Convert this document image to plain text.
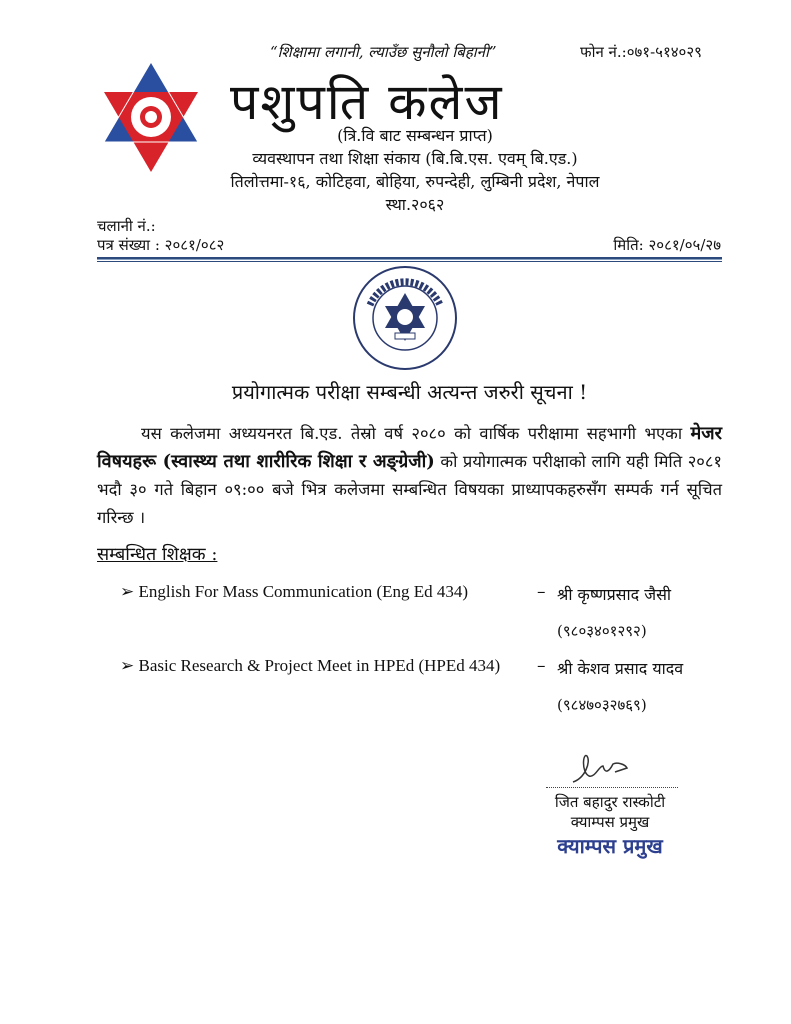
“शिक्षामा लगानी, ल्याउँछ सुनौलो बिहानी”	फोन नं.:०७१-५१४०२९
पशुपति कलेज
(त्रि.वि बाट सम्बन्धन प्राप्त)
व्यवस्थापन तथा शिक्षा संकाय (बि.बि.एस. एवम् बि.एड.)
तिलोत्तमा-१६, कोटिहवा, बोहिया, रुपन्देही, लुम्बिनी प्रदेश, नेपाल
स्था.२०६२
चलानी नं.:
पत्र संख्या : २०८१/०८२	मिति: २०८१/०५/२७
प्रयोगात्मक परीक्षा सम्बन्धी अत्यन्त जरुरी सूचना !
यस कलेजमा अध्ययनरत बि.एड. तेस्रो वर्ष २०८० को वार्षिक परीक्षामा सहभागी भएका मेजर विषयहरू (स्वास्थ्य तथा शारीरिक शिक्षा र अङ्ग्रेजी) को प्रयोगात्मक परीक्षाको लागि यही मिति २०८१ भदौ ३० गते बिहान ०९:०० बजे भित्र कलेजमा सम्बन्धित विषयका प्राध्यापकहरुसँग सम्पर्क गर्न सूचित गरिन्छ ।
सम्बन्धित शिक्षक :
➢ English For Mass Communication (Eng Ed 434)	– श्री कृष्णप्रसाद जैसी
(९८०३४०१२९२)
➢ Basic Research & Project Meet in HPEd (HPEd 434) – श्री केशव प्रसाद यादव
(९८४७०३२७६९)
जित बहादुर रास्कोटी
क्याम्पस प्रमुख
क्याम्पस प्रमुख
